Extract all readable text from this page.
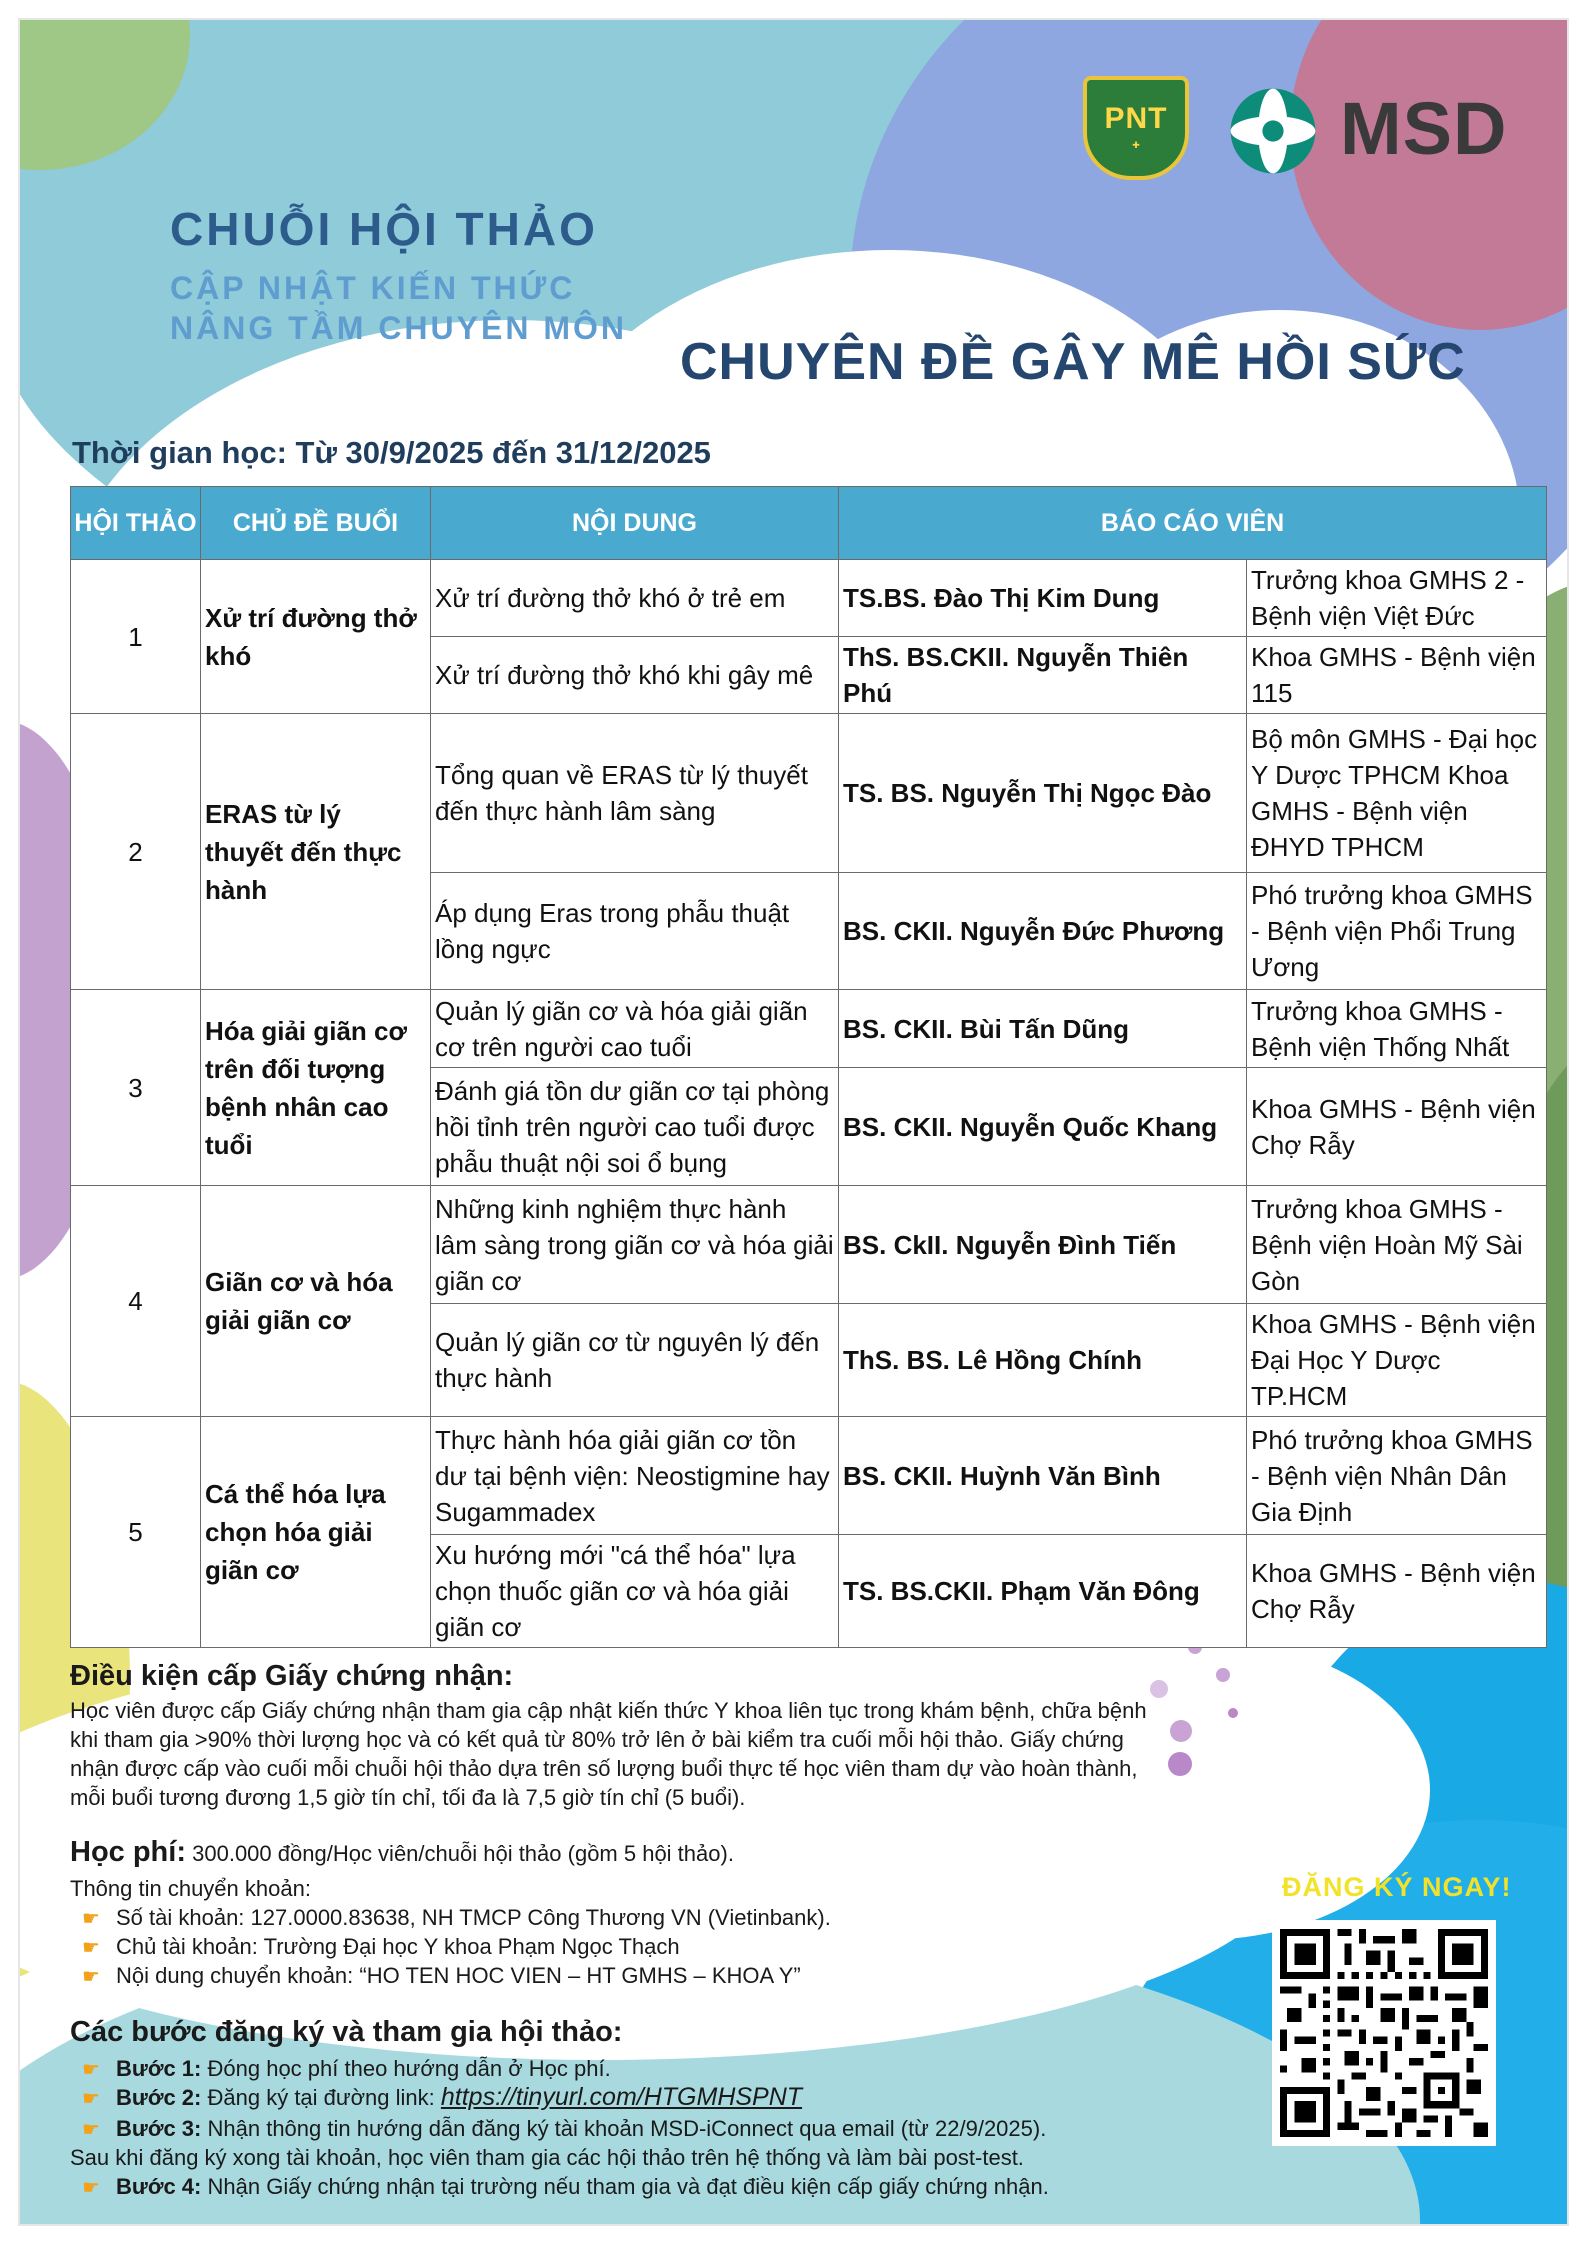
PNT
✚	MSD
CHUỖI HỘI THẢO
CẬP NHẬT KIẾN THỨC
NÂNG TẦM CHUYÊN MÔN
CHUYÊN ĐỀ GÂY MÊ HỒI SỨC
Thời gian học: Từ 30/9/2025 đến 31/12/2025
HỘI THẢO	CHỦ ĐỀ BUỔI	NỘI DUNG	BÁO CÁO VIÊN	
1	Xử trí đường thở khó	Xử trí đường thở khó ở trẻ em	TS.BS. Đào Thị Kim Dung	Trưởng khoa GMHS 2 - Bệnh viện Việt Đức
		Xử trí đường thở khó khi gây mê	ThS. BS.CKII. Nguyễn Thiên Phú	Khoa GMHS - Bệnh viện 115
2	ERAS từ lý thuyết đến thực hành	Tổng quan về ERAS từ lý thuyết đến thực hành lâm sàng	TS. BS. Nguyễn Thị Ngọc Đào	Bộ môn GMHS - Đại học Y Dược TPHCM Khoa GMHS - Bệnh viện ĐHYD TPHCM
		Áp dụng Eras trong phẫu thuật lồng ngực	BS. CKII. Nguyễn Đức Phương	Phó trưởng khoa GMHS - Bệnh viện Phổi Trung Ương
3	Hóa giải giãn cơ trên đối tượng bệnh nhân cao tuổi	Quản lý giãn cơ và hóa giải giãn cơ trên người cao tuổi	BS. CKII. Bùi Tấn Dũng	Trưởng khoa GMHS - Bệnh viện Thống Nhất
		Đánh giá tồn dư giãn cơ tại phòng hồi tỉnh trên người cao tuổi được phẫu thuật nội soi ổ bụng	BS. CKII. Nguyễn Quốc Khang	Khoa GMHS - Bệnh viện Chợ Rẫy
4	Giãn cơ và hóa giải giãn cơ	Những kinh nghiệm thực hành lâm sàng trong giãn cơ và hóa giải giãn cơ	BS. CkII. Nguyễn Đình Tiến	Trưởng khoa GMHS - Bệnh viện Hoàn Mỹ Sài Gòn
		Quản lý giãn cơ từ nguyên lý đến thực hành	ThS. BS. Lê Hồng Chính	Khoa GMHS - Bệnh viện Đại Học Y Dược TP.HCM
5	Cá thể hóa lựa chọn hóa giải giãn cơ	Thực hành hóa giải giãn cơ tồn dư tại bệnh viện: Neostigmine hay Sugammadex	BS. CKII. Huỳnh Văn Bình	Phó trưởng khoa GMHS - Bệnh viện Nhân Dân Gia Định
		Xu hướng mới "cá thể hóa" lựa chọn thuốc giãn cơ và hóa giải giãn cơ	TS. BS.CKII. Phạm Văn Đông	Khoa GMHS - Bệnh viện Chợ Rẫy
Điều kiện cấp Giấy chứng nhận:
Học viên được cấp Giấy chứng nhận tham gia cập nhật kiến thức Y khoa liên tục trong khám bệnh, chữa bệnh khi tham gia >90% thời lượng học và có kết quả từ 80% trở lên ở bài kiểm tra cuối mỗi hội thảo. Giấy chứng nhận được cấp vào cuối mỗi chuỗi hội thảo dựa trên số lượng buổi thực tế học viên tham dự vào hoàn thành, mỗi buổi tương đương 1,5 giờ tín chỉ, tối đa là 7,5 giờ tín chỉ (5 buổi).
Học phí: 300.000 đồng/Học viên/chuỗi hội thảo (gồm 5 hội thảo).
Thông tin chuyển khoản:
☛ Số tài khoản: 127.0000.83638, NH TMCP Công Thương VN (Vietinbank).
☛ Chủ tài khoản: Trường Đại học Y khoa Phạm Ngọc Thạch
☛ Nội dung chuyển khoản: “HO TEN HOC VIEN – HT GMHS – KHOA Y”
Các bước đăng ký và tham gia hội thảo:
☛ Bước 1: Đóng học phí theo hướng dẫn ở Học phí.
☛ Bước 2: Đăng ký tại đường link: https://tinyurl.com/HTGMHSPNT
☛ Bước 3: Nhận thông tin hướng dẫn đăng ký tài khoản MSD-iConnect qua email (từ 22/9/2025).
Sau khi đăng ký xong tài khoản, học viên tham gia các hội thảo trên hệ thống và làm bài post-test.
☛ Bước 4: Nhận Giấy chứng nhận tại trường nếu tham gia và đạt điều kiện cấp giấy chứng nhận.
ĐĂNG KÝ NGAY!
